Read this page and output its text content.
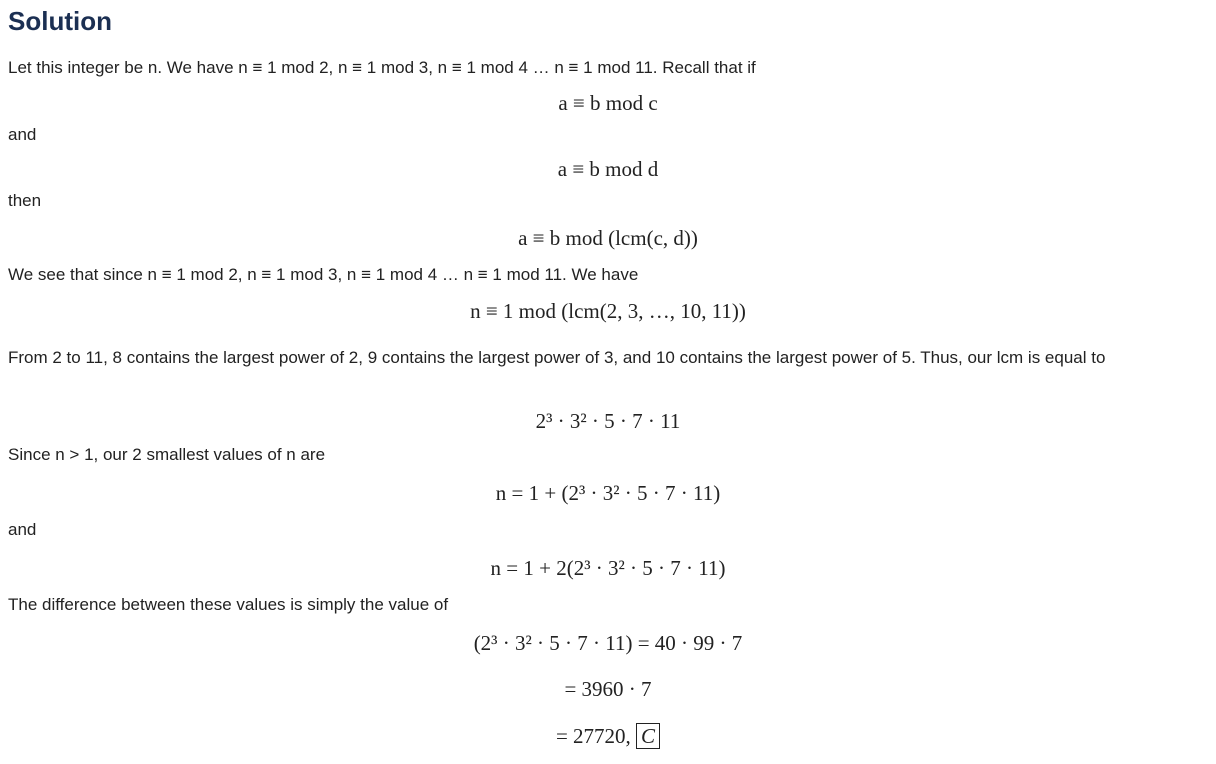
Solution
Let this integer be n. We have n ≡ 1 mod 2, n ≡ 1 mod 3, n ≡ 1 mod 4 … n ≡ 1 mod 11. Recall that if
a ≡ b mod c
and
a ≡ b mod d
then
a ≡ b mod (lcm(c, d))
We see that since n ≡ 1 mod 2, n ≡ 1 mod 3, n ≡ 1 mod 4 … n ≡ 1 mod 11. We have
n ≡ 1 mod (lcm(2, 3, …, 10, 11))
From 2 to 11, 8 contains the largest power of 2, 9 contains the largest power of 3, and 10 contains the largest power of 5. Thus, our lcm is equal to
2³ · 3² · 5 · 7 · 11
Since n > 1, our 2 smallest values of n are
n = 1 + (2³ · 3² · 5 · 7 · 11)
and
n = 1 + 2(2³ · 3² · 5 · 7 · 11)
The difference between these values is simply the value of
(2³ · 3² · 5 · 7 · 11) = 40 · 99 · 7
= 3960 · 7
= 27720, C
